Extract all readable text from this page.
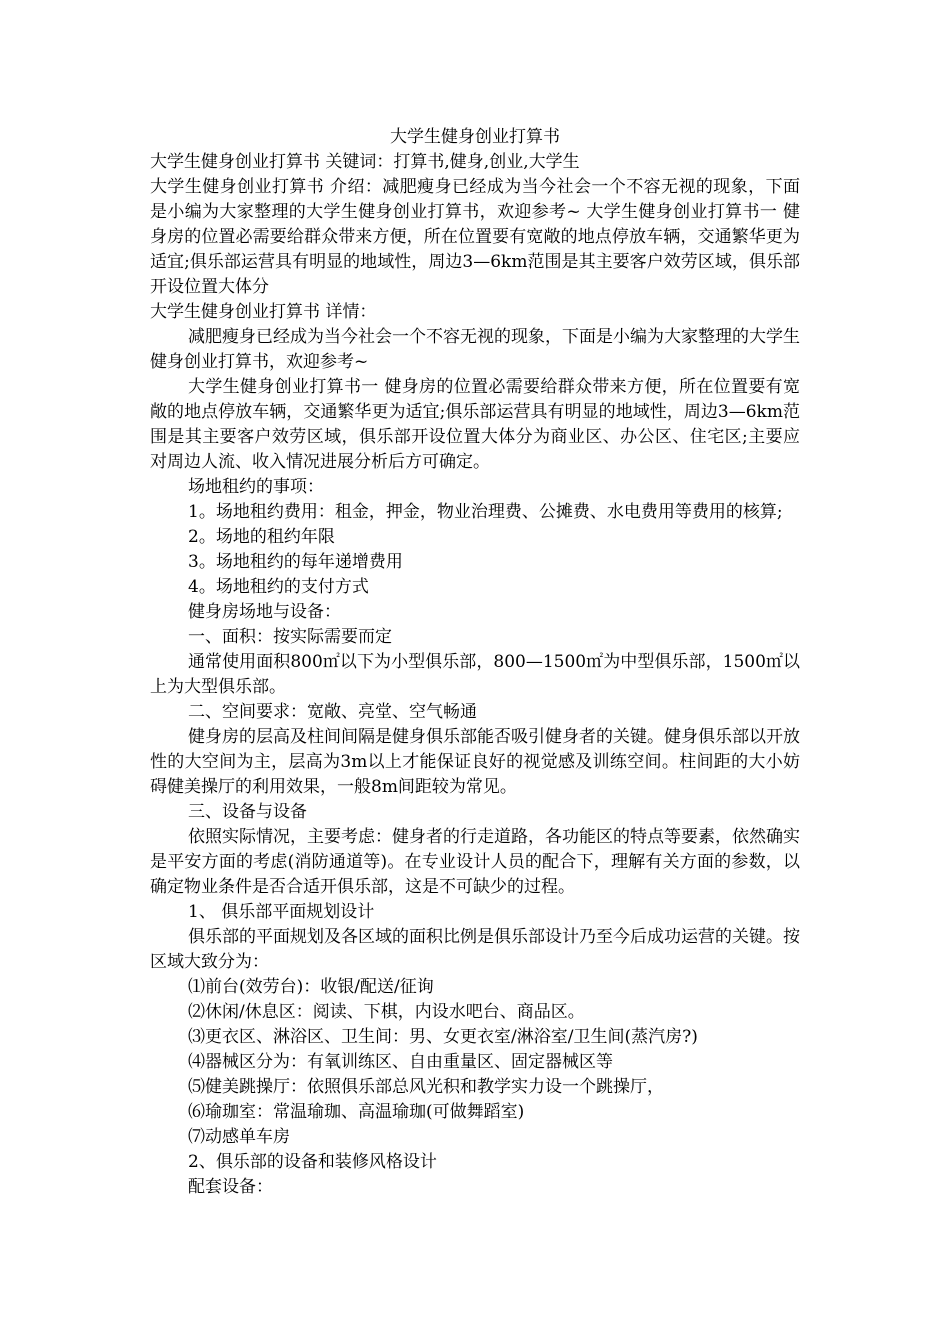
大学生健身创业打算书

大学生健身创业打算书 关键词：打算书,健身,创业,大学生

大学生健身创业打算书 介绍：减肥瘦身已经成为当今社会一个不容无视的现象，下面是小编为大家整理的大学生健身创业打算书，欢迎参考~ 大学生健身创业打算书一 健身房的位置必需要给群众带来方便，所在位置要有宽敞的地点停放车辆，交通繁华更为适宜;俱乐部运营具有明显的地域性，周边3—6km范围是其主要客户效劳区域，俱乐部开设位置大体分

大学生健身创业打算书 详情：

减肥瘦身已经成为当今社会一个不容无视的现象，下面是小编为大家整理的大学生健身创业打算书，欢迎参考~

大学生健身创业打算书一 健身房的位置必需要给群众带来方便，所在位置要有宽敞的地点停放车辆，交通繁华更为适宜;俱乐部运营具有明显的地域性，周边3—6km范围是其主要客户效劳区域，俱乐部开设位置大体分为商业区、办公区、住宅区;主要应对周边人流、收入情况进展分析后方可确定。

场地租约的事项：

1。场地租约费用：租金，押金，物业治理费、公摊费、水电费用等费用的核算;

2。场地的租约年限

3。场地租约的每年递增费用

4。场地租约的支付方式

健身房场地与设备：

一、面积：按实际需要而定

通常使用面积800㎡以下为小型俱乐部，800—1500㎡为中型俱乐部，1500㎡以上为大型俱乐部。

二、空间要求：宽敞、亮堂、空气畅通

健身房的层高及柱间间隔是健身俱乐部能否吸引健身者的关键。健身俱乐部以开放性的大空间为主，层高为3m以上才能保证良好的视觉感及训练空间。柱间距的大小妨碍健美操厅的利用效果，一般8m间距较为常见。

三、设备与设备

依照实际情况，主要考虑：健身者的行走道路，各功能区的特点等要素，依然确实是平安方面的考虑(消防通道等)。在专业设计人员的配合下，理解有关方面的参数，以确定物业条件是否合适开俱乐部，这是不可缺少的过程。

1、 俱乐部平面规划设计

俱乐部的平面规划及各区域的面积比例是俱乐部设计乃至今后成功运营的关键。按区域大致分为：

⑴前台(效劳台)：收银/配送/征询

⑵休闲/休息区：阅读、下棋，内设水吧台、商品区。

⑶更衣区、淋浴区、卫生间：男、女更衣室/淋浴室/卫生间(蒸汽房?)

⑷器械区分为：有氧训练区、自由重量区、固定器械区等

⑸健美跳操厅：依照俱乐部总风光积和教学实力设一个跳操厅，

⑹瑜珈室：常温瑜珈、高温瑜珈(可做舞蹈室)

⑺动感单车房

2、俱乐部的设备和装修风格设计

配套设备：
